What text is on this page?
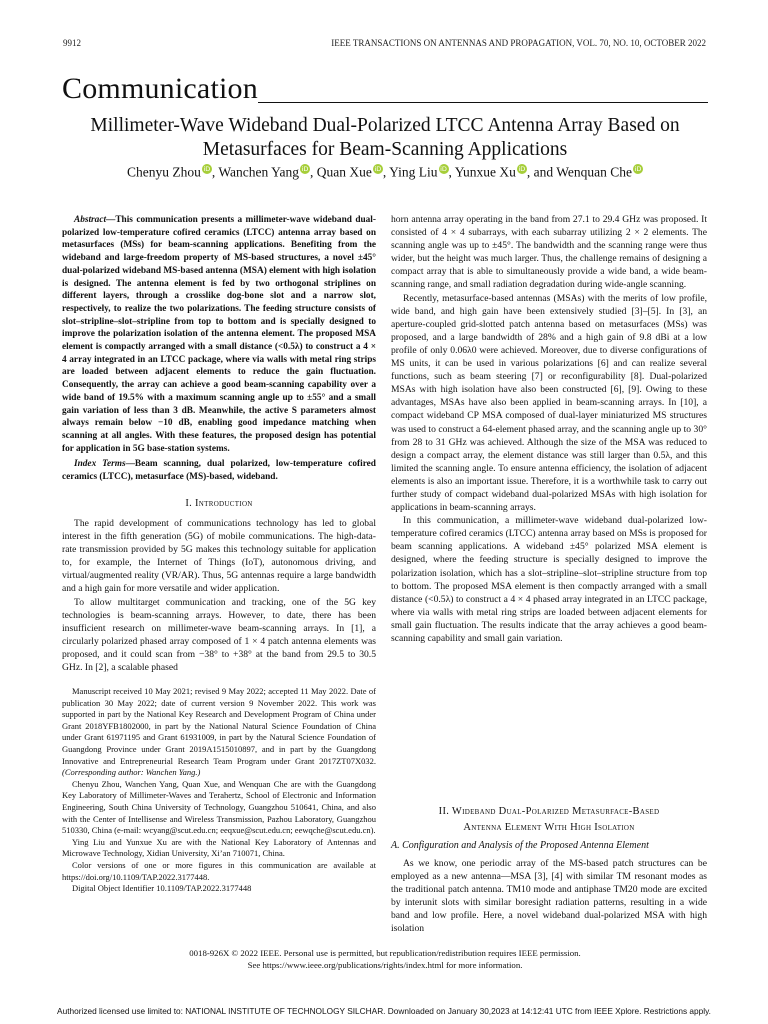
9912	IEEE TRANSACTIONS ON ANTENNAS AND PROPAGATION, VOL. 70, NO. 10, OCTOBER 2022
Communication
Millimeter-Wave Wideband Dual-Polarized LTCC Antenna Array Based on
Metasurfaces for Beam-Scanning Applications
Chenyu Zhou iD , Wanchen Yang iD , Quan Xue iD , Ying Liu iD , Yunxue Xu iD , and Wenquan Che iD

Abstract—This communication presents a millimeter-wave wideband dual-polarized low-temperature cofired ceramics (LTCC) antenna array based on metasurfaces (MSs) for beam-scanning applications. Benefiting from the wideband and large-freedom property of MS-based structures, a novel ±45° dual-polarized wideband MS-based antenna (MSA) element with high isolation is designed. The antenna element is fed by two orthogonal striplines on different layers, through a crosslike dog-bone slot and a narrow slot, respectively, to realize the two polarizations. The feeding structure consists of slot–stripline–slot–stripline from top to bottom and is specially designed to improve the polarization isolation of the antenna element. The proposed MSA element is compactly arranged with a small distance (<0.5λ) to construct a 4 × 4 array integrated in an LTCC package, where via walls with metal ring strips are loaded between adjacent elements to reduce the gain fluctuation. Consequently, the array can achieve a good beam-scanning capability over a wide band of 19.5% with a maximum scanning angle up to ±55° and a small gain variation of less than 3 dB. Meanwhile, the active S parameters almost always remain below −10 dB, enabling good impedance matching when scanning at all angles. With these features, the proposed design has potential for application in 5G base-station systems.

Index Terms—Beam scanning, dual polarized, low-temperature cofired ceramics (LTCC), metasurface (MS)-based, wideband.

I. Introduction

The rapid development of communications technology has led to global interest in the fifth generation (5G) of mobile communications. The high-data-rate transmission provided by 5G makes this technology suitable for application to, for example, the Internet of Things (IoT), autonomous driving, and virtual/augmented reality (VR/AR). Thus, 5G antennas require a large bandwidth and a high gain for more versatile and wider application.

To allow multitarget communication and tracking, one of the 5G key technologies is beam-scanning arrays. However, to date, there has been insufficient research on millimeter-wave beam-scanning arrays. In [1], a circularly polarized phased array composed of 1 × 4 patch antenna elements was proposed, and it could scan from −38° to +38° at the band from 29.5 to 30.5 GHz. In [2], a scalable phased

Manuscript received 10 May 2021; revised 9 May 2022; accepted 11 May 2022. Date of publication 30 May 2022; date of current version 9 November 2022. This work was supported in part by the National Key Research and Development Program of China under Grant 2018YFB1802000, in part by the National Natural Science Foundation of China under Grant 61971195 and Grant 61931009, in part by the Natural Science Foundation of Guangdong Province under Grant 2019A1515010897, and in part by the Guangdong Innovative and Entrepreneurial Research Team Program under Grant 2017ZT07X032. (Corresponding author: Wanchen Yang.)

Chenyu Zhou, Wanchen Yang, Quan Xue, and Wenquan Che are with the Guangdong Key Laboratory of Millimeter-Waves and Terahertz, School of Electronic and Information Engineering, South China University of Technology, Guangzhou 510641, China, and also with the Center of Intellisense and Wireless Transmission, Pazhou Laboratory, Guangzhou 510330, China (e-mail: wcyang@scut.edu.cn; eeqxue@scut.edu.cn; eewqche@scut.edu.cn).

Ying Liu and Yunxue Xu are with the National Key Laboratory of Antennas and Microwave Technology, Xidian University, Xi’an 710071, China.

Color versions of one or more figures in this communication are available at https://doi.org/10.1109/TAP.2022.3177448.

Digital Object Identifier 10.1109/TAP.2022.3177448

horn antenna array operating in the band from 27.1 to 29.4 GHz was proposed. It consisted of 4 × 4 subarrays, with each subarray utilizing 2 × 2 elements. The scanning angle was up to ±45°. The bandwidth and the scanning range were thus wider, but the height was much larger. Thus, the challenge remains of designing a compact array that is able to simultaneously provide a wide band, a wide beam-scanning range, and small radiation degradation during wide-angle scanning.

Recently, metasurface-based antennas (MSAs) with the merits of low profile, wide band, and high gain have been extensively studied [3]–[5]. In [3], an aperture-coupled grid-slotted patch antenna based on metasurfaces (MSs) was proposed, and a large bandwidth of 28% and a high gain of 9.8 dBi at a low profile of only 0.06λ0 were achieved. Moreover, due to diverse configurations of MS units, it can be used in various polarizations [6] and can realize several functions, such as beam steering [7] or reconfigurability [8]. Dual-polarized MSAs with high isolation have also been constructed [6], [9]. Owing to these advantages, MSAs have also been applied in beam-scanning arrays. In [10], a compact wideband CP MSA composed of dual-layer miniaturized MS structures was used to construct a 64-element phased array, and the scanning angle up to 30° from 28 to 31 GHz was achieved. Although the size of the MSA was reduced to design a compact array, the element distance was still larger than 0.5λ, and this limited the scanning angle. To ensure antenna efficiency, the isolation of adjacent elements is also an important issue. Therefore, it is a worthwhile task to carry out further study of compact wideband dual-polarized MSAs with high isolation for applications in beam-scanning arrays.

In this communication, a millimeter-wave wideband dual-polarized low-temperature cofired ceramics (LTCC) antenna array based on MSs is proposed for beam scanning applications. A wideband ±45° polarized MSA element is designed, where the feeding structure is specially designed to improve the polarization isolation, which has a slot–stripline–slot–stripline structure from top to bottom. The proposed MSA element is then compactly arranged with a small distance (<0.5λ) to construct a 4 × 4 phased array integrated in an LTCC package, where via walls with metal ring strips are loaded between adjacent elements for small gain fluctuation. The results indicate that the array achieves a good beam-scanning capability and small gain variation.

II. Wideband Dual-Polarized Metasurface-Based
Antenna Element With High Isolation
A. Configuration and Analysis of the Proposed Antenna Element

As we know, one periodic array of the MS-based patch structures can be employed as a new antenna—MSA [3], [4] with similar TM resonant modes as the traditional patch antenna. TM10 mode and antiphase TM20 mode are excited by interunit slots with similar boresight radiation patterns, resulting in a wide band and low profile. Here, a novel wideband dual-polarized MSA with high isolation

0018-926X © 2022 IEEE. Personal use is permitted, but republication/redistribution requires IEEE permission.
See https://www.ieee.org/publications/rights/index.html for more information.
Authorized licensed use limited to: NATIONAL INSTITUTE OF TECHNOLOGY SILCHAR. Downloaded on January 30,2023 at 14:12:41 UTC from IEEE Xplore. Restrictions apply.
